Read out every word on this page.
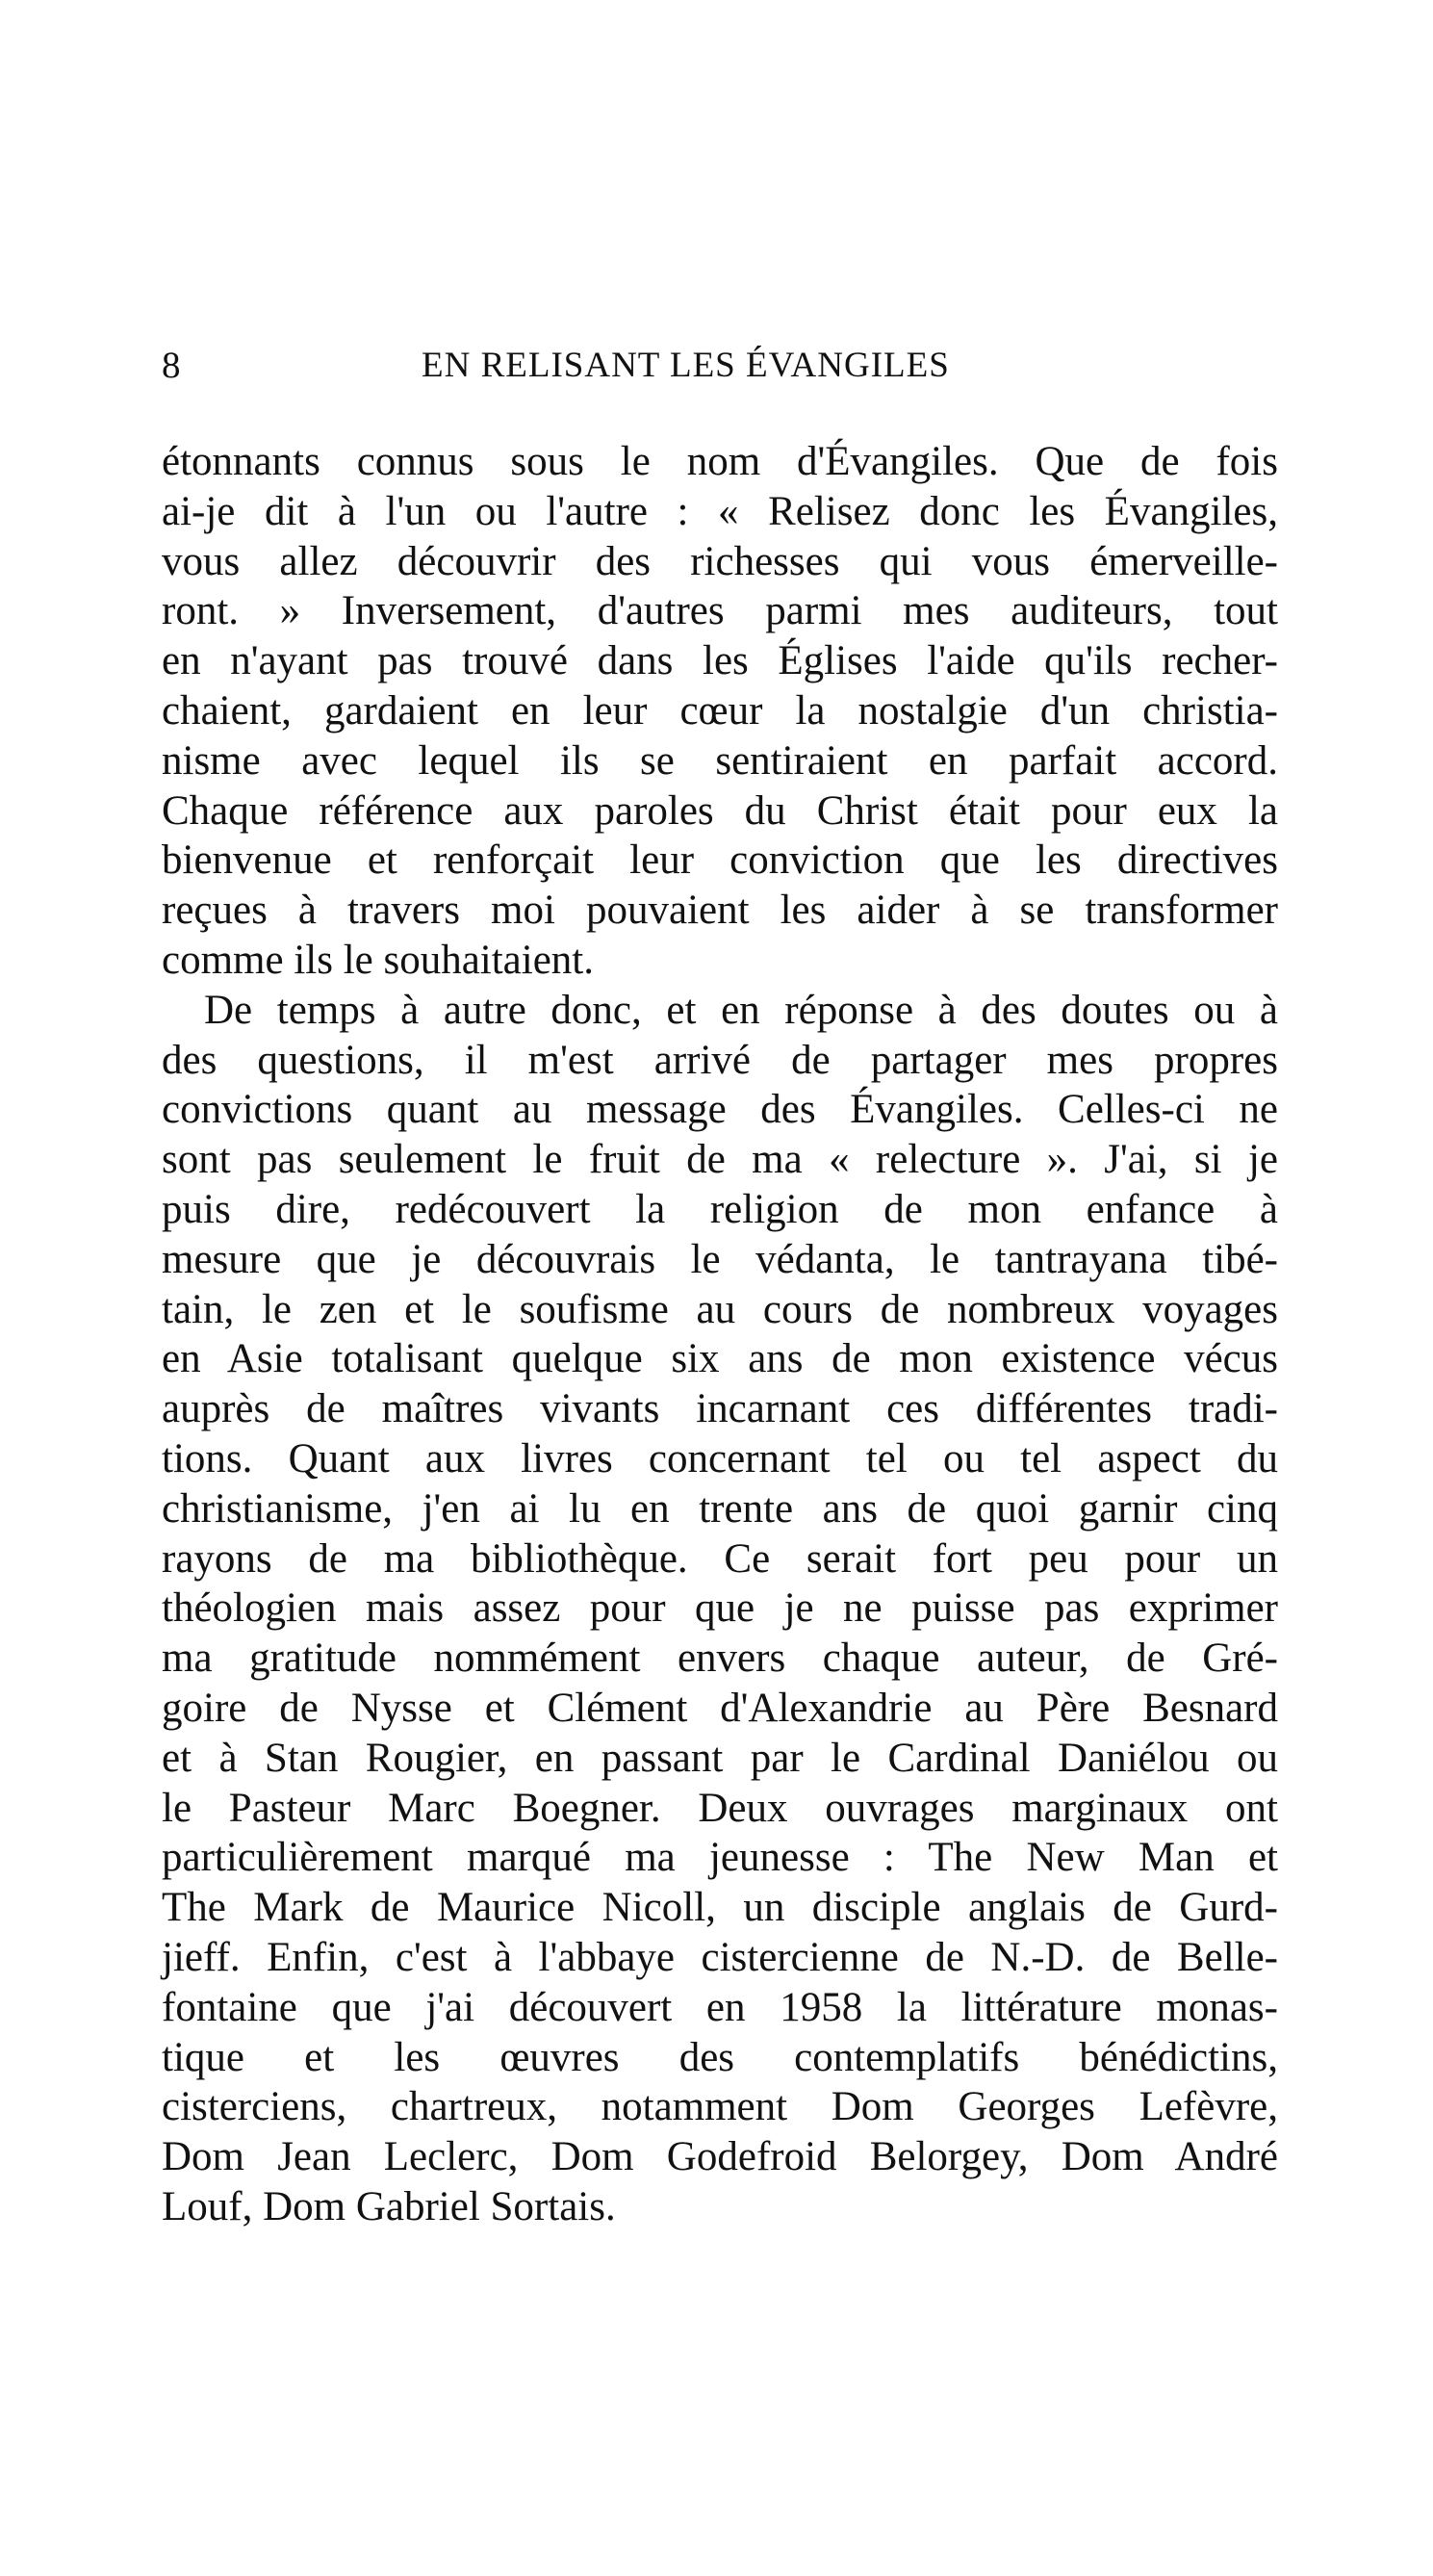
8	EN RELISANT LES ÉVANGILES
étonnants connus sous le nom d'Évangiles. Que de fois
ai-je dit à l'un ou l'autre : « Relisez donc les Évangiles,
vous allez découvrir des richesses qui vous émerveille-
ront. » Inversement, d'autres parmi mes auditeurs, tout
en n'ayant pas trouvé dans les Églises l'aide qu'ils recher-
chaient, gardaient en leur cœur la nostalgie d'un christia-
nisme avec lequel ils se sentiraient en parfait accord.
Chaque référence aux paroles du Christ était pour eux la
bienvenue et renforçait leur conviction que les directives
reçues à travers moi pouvaient les aider à se transformer
comme ils le souhaitaient.
De temps à autre donc, et en réponse à des doutes ou à
des questions, il m'est arrivé de partager mes propres
convictions quant au message des Évangiles. Celles-ci ne
sont pas seulement le fruit de ma « relecture ». J'ai, si je
puis dire, redécouvert la religion de mon enfance à
mesure que je découvrais le védanta, le tantrayana tibé-
tain, le zen et le soufisme au cours de nombreux voyages
en Asie totalisant quelque six ans de mon existence vécus
auprès de maîtres vivants incarnant ces différentes tradi-
tions. Quant aux livres concernant tel ou tel aspect du
christianisme, j'en ai lu en trente ans de quoi garnir cinq
rayons de ma bibliothèque. Ce serait fort peu pour un
théologien mais assez pour que je ne puisse pas exprimer
ma gratitude nommément envers chaque auteur, de Gré-
goire de Nysse et Clément d'Alexandrie au Père Besnard
et à Stan Rougier, en passant par le Cardinal Daniélou ou
le Pasteur Marc Boegner. Deux ouvrages marginaux ont
particulièrement marqué ma jeunesse : The New Man et
The Mark de Maurice Nicoll, un disciple anglais de Gurd-
jieff. Enfin, c'est à l'abbaye cistercienne de N.-D. de Belle-
fontaine que j'ai découvert en 1958 la littérature monas-
tique et les œuvres des contemplatifs bénédictins,
cisterciens, chartreux, notamment Dom Georges Lefèvre,
Dom Jean Leclerc, Dom Godefroid Belorgey, Dom André
Louf, Dom Gabriel Sortais.
